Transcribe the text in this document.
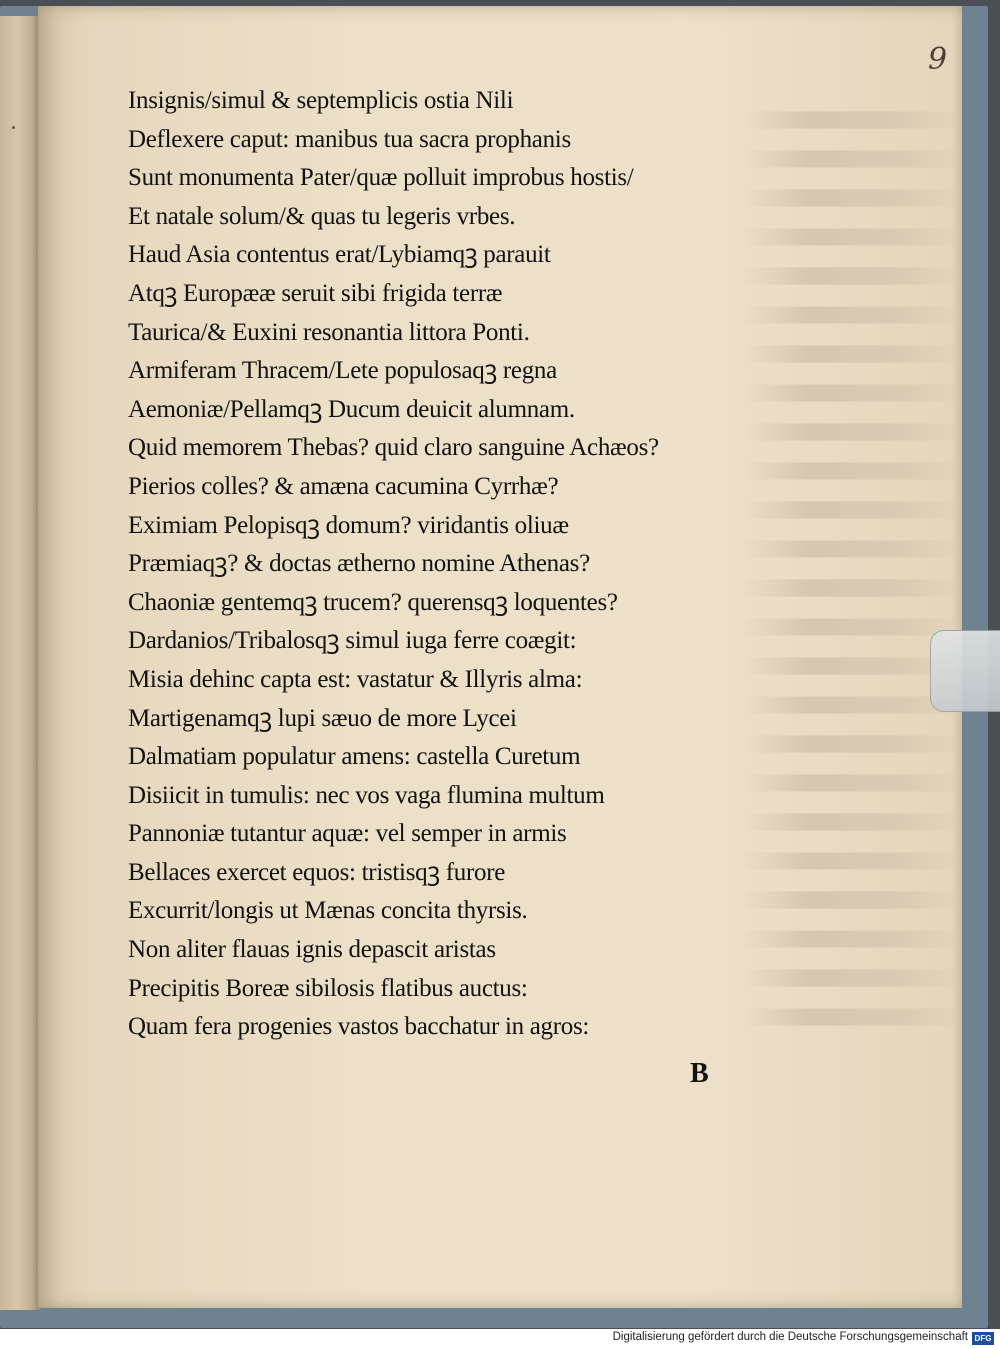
9
Insignis/simul & septemplicis ostia Nili
Deflexere caput: manibus tua sacra prophanis
Sunt monumenta Pater/quæ polluit improbus hostis/
Et natale solum/& quas tu legeris vrbes.
Haud Asia contentus erat/Lybiamqꝫ parauit
Atqꝫ Europææ seruit sibi frigida terræ
Taurica/& Euxini resonantia littora Ponti.
Armiferam Thracem/Lete populosaqꝫ regna
Aemoniæ/Pellamqꝫ Ducum deuicit alumnam.
Quid memorem Thebas? quid claro sanguine Achæos?
Pierios colles? & amæna cacumina Cyrrhæ?
Eximiam Pelopisqꝫ domum? viridantis oliuæ
Præmiaqꝫ? & doctas ætherno nomine Athenas?
Chaoniæ gentemqꝫ trucem? querensqꝫ loquentes?
Dardanios/Tribalosqꝫ simul iuga ferre coægit:
Misia dehinc capta est: vastatur & Illyris alma:
Martigenamqꝫ lupi sæuo de more Lycei
Dalmatiam populatur amens: castella Curetum
Disiicit in tumulis: nec vos vaga flumina multum
Pannoniæ tutantur aquæ: vel semper in armis
Bellaces exercet equos: tristisqꝫ furore
Excurrit/longis ut Mænas concita thyrsis.
Non aliter flauas ignis depascit aristas
Precipitis Boreæ sibilosis flatibus auctus:
Quam fera progenies vastos bacchatur in agros:
B
Digitalisierung gefördert durch die Deutsche Forschungsgemeinschaft DFG
